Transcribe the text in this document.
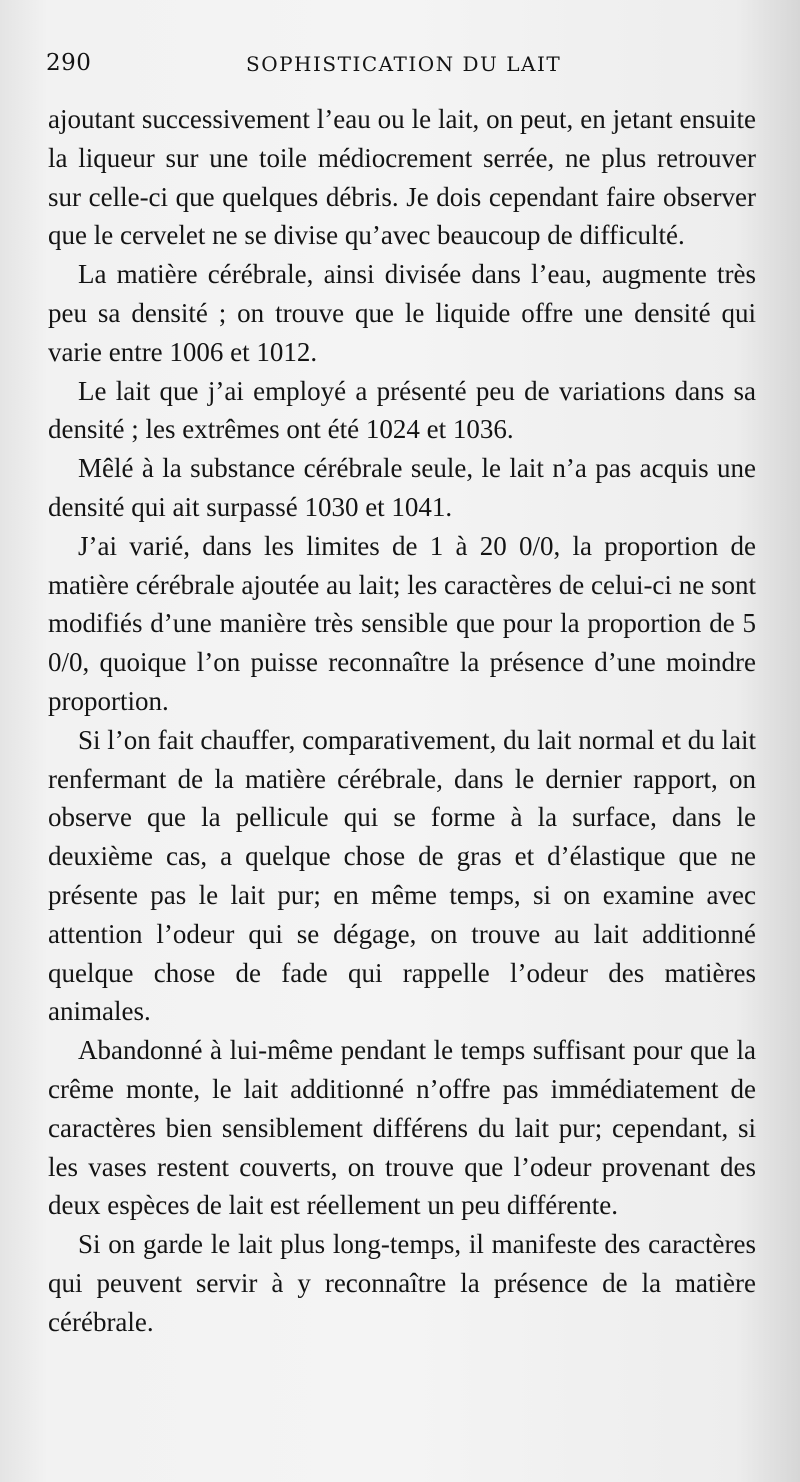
290	SOPHISTICATION DU LAIT

ajoutant successivement l’eau ou le lait, on peut, en jetant ensuite la liqueur sur une toile médiocrement serrée, ne plus retrouver sur celle-ci que quelques débris. Je dois cependant faire observer que le cervelet ne se divise qu’avec beaucoup de difficulté.

La matière cérébrale, ainsi divisée dans l’eau, augmente très peu sa densité ; on trouve que le liquide offre une densité qui varie entre 1006 et 1012.

Le lait que j’ai employé a présenté peu de variations dans sa densité ; les extrêmes ont été 1024 et 1036.

Mêlé à la substance cérébrale seule, le lait n’a pas acquis une densité qui ait surpassé 1030 et 1041.

J’ai varié, dans les limites de 1 à 20 0/0, la proportion de matière cérébrale ajoutée au lait; les caractères de celui-ci ne sont modifiés d’une manière très sensible que pour la proportion de 5 0/0, quoique l’on puisse reconnaître la présence d’une moindre proportion.

Si l’on fait chauffer, comparativement, du lait normal et du lait renfermant de la matière cérébrale, dans le dernier rapport, on observe que la pellicule qui se forme à la surface, dans le deuxième cas, a quelque chose de gras et d’élastique que ne présente pas le lait pur; en même temps, si on examine avec attention l’odeur qui se dégage, on trouve au lait additionné quelque chose de fade qui rappelle l’odeur des matières animales.

Abandonné à lui-même pendant le temps suffisant pour que la crême monte, le lait additionné n’offre pas immédiatement de caractères bien sensiblement différens du lait pur; cependant, si les vases restent couverts, on trouve que l’odeur provenant des deux espèces de lait est réellement un peu différente.

Si on garde le lait plus long-temps, il manifeste des caractères qui peuvent servir à y reconnaître la présence de la matière cérébrale.
